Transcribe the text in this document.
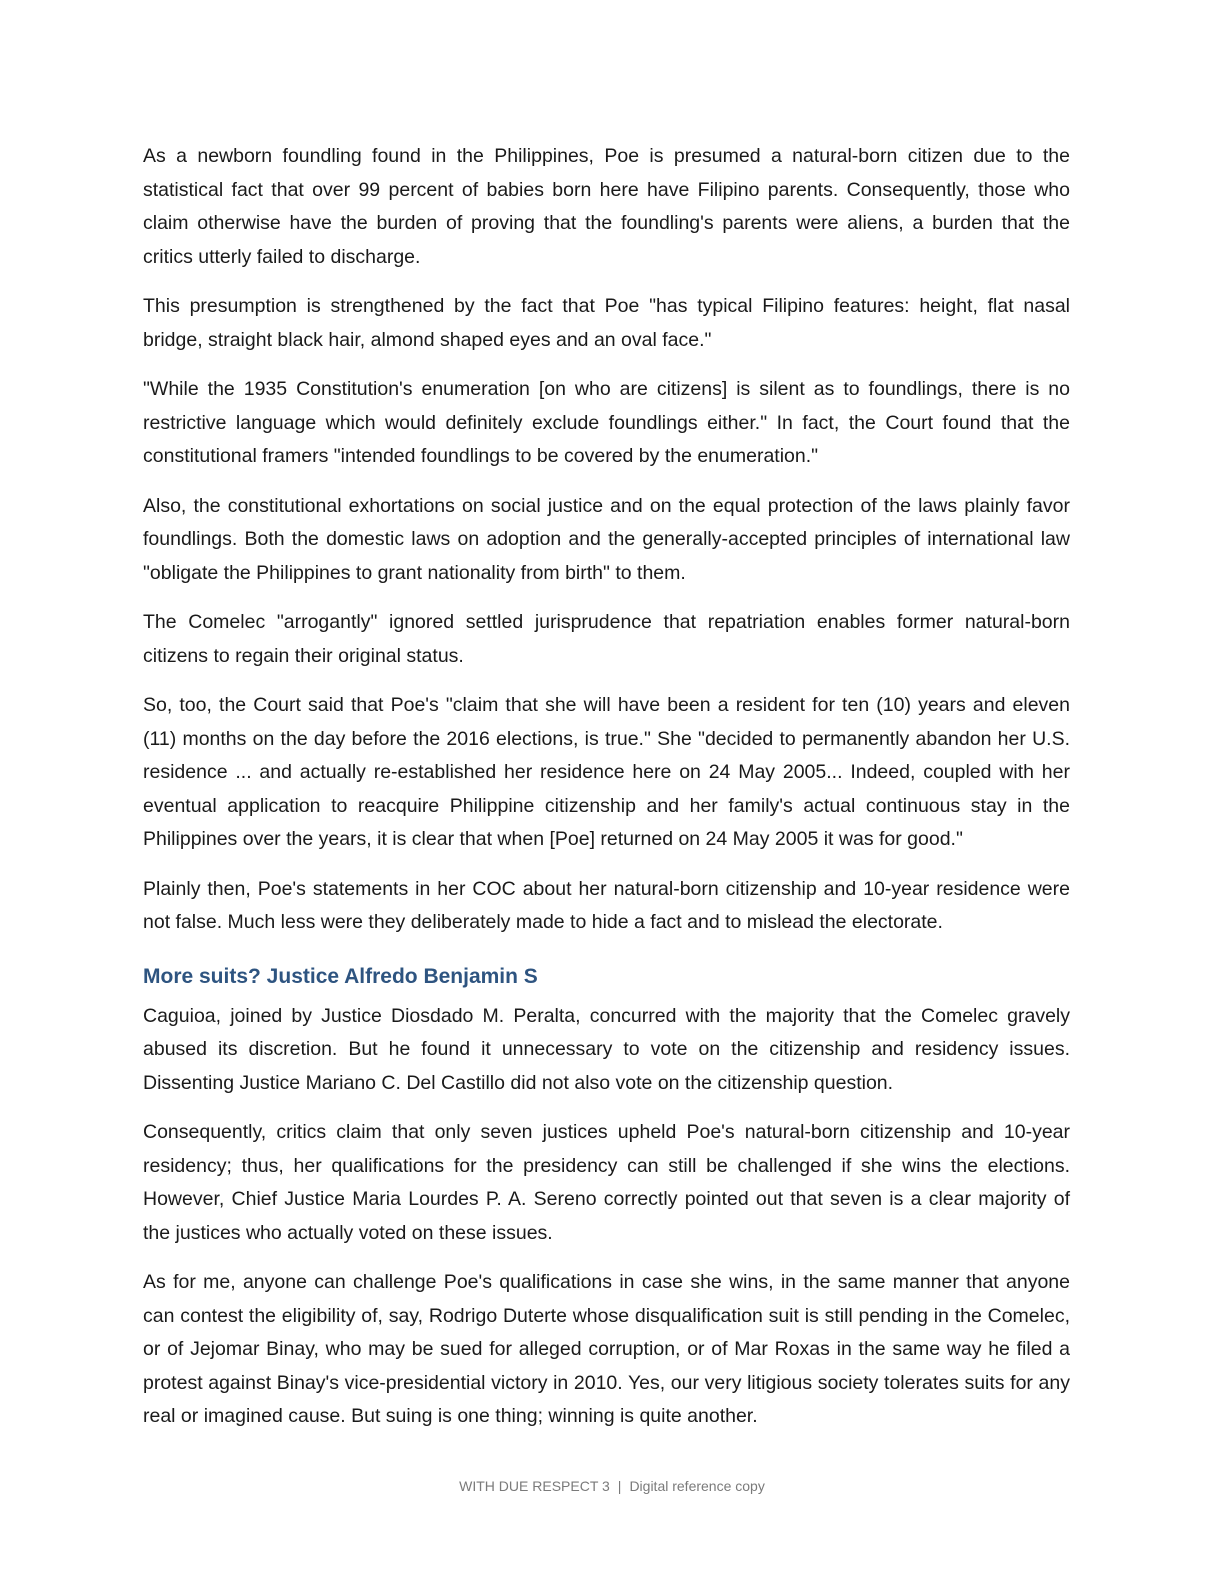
As a newborn foundling found in the Philippines, Poe is presumed a natural-born citizen due to the statistical fact that over 99 percent of babies born here have Filipino parents. Consequently, those who claim otherwise have the burden of proving that the foundling's parents were aliens, a burden that the critics utterly failed to discharge.

This presumption is strengthened by the fact that Poe "has typical Filipino features: height, flat nasal bridge, straight black hair, almond shaped eyes and an oval face."

"While the 1935 Constitution's enumeration [on who are citizens] is silent as to foundlings, there is no restrictive language which would definitely exclude foundlings either." In fact, the Court found that the constitutional framers "intended foundlings to be covered by the enumeration."

Also, the constitutional exhortations on social justice and on the equal protection of the laws plainly favor foundlings. Both the domestic laws on adoption and the generally-accepted principles of international law "obligate the Philippines to grant nationality from birth" to them.

The Comelec "arrogantly" ignored settled jurisprudence that repatriation enables former natural-born citizens to regain their original status.

So, too, the Court said that Poe's "claim that she will have been a resident for ten (10) years and eleven (11) months on the day before the 2016 elections, is true." She "decided to permanently abandon her U.S. residence ... and actually re-established her residence here on 24 May 2005... Indeed, coupled with her eventual application to reacquire Philippine citizenship and her family's actual continuous stay in the Philippines over the years, it is clear that when [Poe] returned on 24 May 2005 it was for good."

Plainly then, Poe's statements in her COC about her natural-born citizenship and 10-year residence were not false. Much less were they deliberately made to hide a fact and to mislead the electorate.

More suits? Justice Alfredo Benjamin S

Caguioa, joined by Justice Diosdado M. Peralta, concurred with the majority that the Comelec gravely abused its discretion. But he found it unnecessary to vote on the citizenship and residency issues. Dissenting Justice Mariano C. Del Castillo did not also vote on the citizenship question.

Consequently, critics claim that only seven justices upheld Poe's natural-born citizenship and 10-year residency; thus, her qualifications for the presidency can still be challenged if she wins the elections. However, Chief Justice Maria Lourdes P. A. Sereno correctly pointed out that seven is a clear majority of the justices who actually voted on these issues.

As for me, anyone can challenge Poe's qualifications in case she wins, in the same manner that anyone can contest the eligibility of, say, Rodrigo Duterte whose disqualification suit is still pending in the Comelec, or of Jejomar Binay, who may be sued for alleged corruption, or of Mar Roxas in the same way he filed a protest against Binay's vice-presidential victory in 2010. Yes, our very litigious society tolerates suits for any real or imagined cause. But suing is one thing; winning is quite another.

WITH DUE RESPECT 3 | Digital reference copy
